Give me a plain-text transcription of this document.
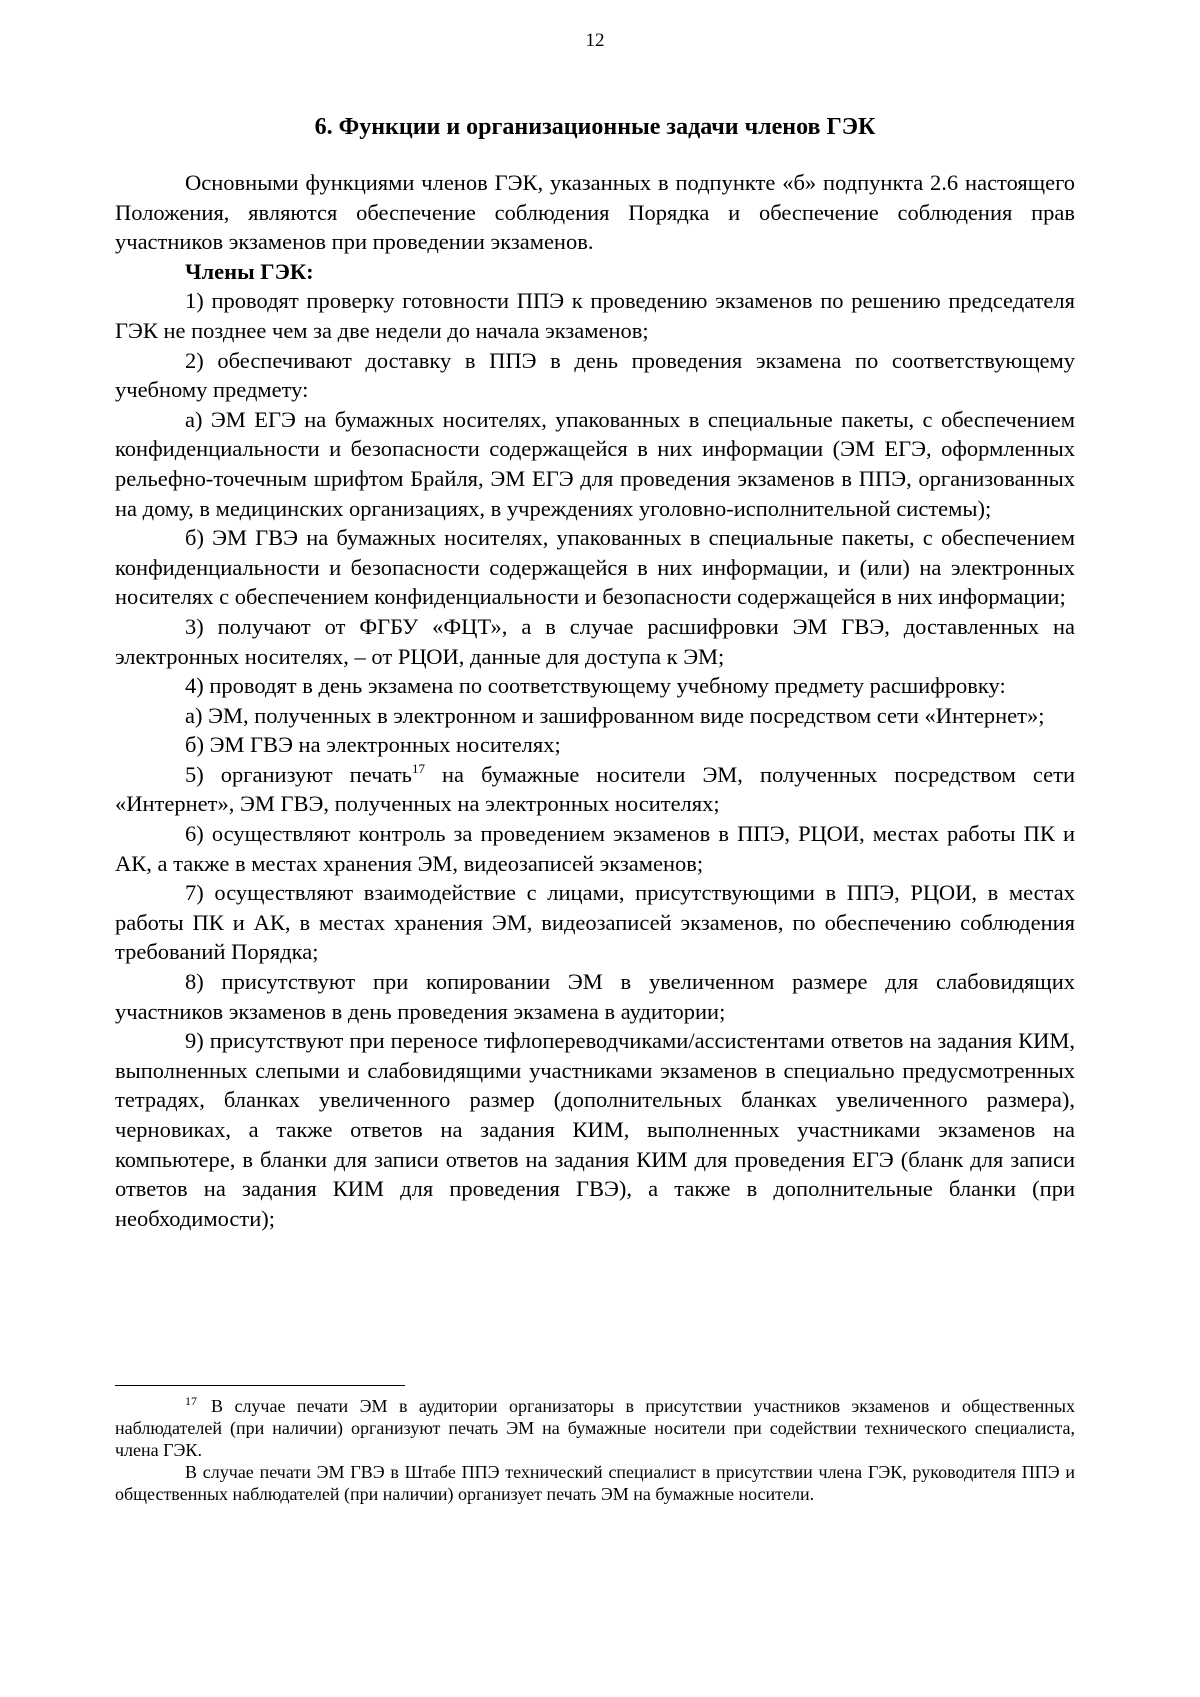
12
6. Функции и организационные задачи членов ГЭК

Основными функциями членов ГЭК, указанных в подпункте «б» подпункта 2.6 настоящего Положения, являются обеспечение соблюдения Порядка и обеспечение соблюдения прав участников экзаменов при проведении экзаменов.

Члены ГЭК:

1) проводят проверку готовности ППЭ к проведению экзаменов по решению председателя ГЭК не позднее чем за две недели до начала экзаменов;

2) обеспечивают доставку в ППЭ в день проведения экзамена по соответствующему учебному предмету:

а) ЭМ ЕГЭ на бумажных носителях, упакованных в специальные пакеты, с обеспечением конфиденциальности и безопасности содержащейся в них информации (ЭМ ЕГЭ, оформленных рельефно-точечным шрифтом Брайля, ЭМ ЕГЭ для проведения экзаменов в ППЭ, организованных на дому, в медицинских организациях, в учреждениях уголовно-исполнительной системы);

б) ЭМ ГВЭ на бумажных носителях, упакованных в специальные пакеты, с обеспечением конфиденциальности и безопасности содержащейся в них информации, и (или) на электронных носителях с обеспечением конфиденциальности и безопасности содержащейся в них информации;

3) получают от ФГБУ «ФЦТ», а в случае расшифровки ЭМ ГВЭ, доставленных на электронных носителях, – от РЦОИ, данные для доступа к ЭМ;

4) проводят в день экзамена по соответствующему учебному предмету расшифровку:

а) ЭМ, полученных в электронном и зашифрованном виде посредством сети «Интернет»;

б) ЭМ ГВЭ на электронных носителях;

5) организуют печать$^{17}$ на бумажные носители ЭМ, полученных посредством сети «Интернет», ЭМ ГВЭ, полученных на электронных носителях;

6) осуществляют контроль за проведением экзаменов в ППЭ, РЦОИ, местах работы ПК и АК, а также в местах хранения ЭМ, видеозаписей экзаменов;

7) осуществляют взаимодействие с лицами, присутствующими в ППЭ, РЦОИ, в местах работы ПК и АК, в местах хранения ЭМ, видеозаписей экзаменов, по обеспечению соблюдения требований Порядка;

8) присутствуют при копировании ЭМ в увеличенном размере для слабовидящих участников экзаменов в день проведения экзамена в аудитории;

9) присутствуют при переносе тифлопереводчиками/ассистентами ответов на задания КИМ, выполненных слепыми и слабовидящими участниками экзаменов в специально предусмотренных тетрадях, бланках увеличенного размер (дополнительных бланках увеличенного размера), черновиках, а также ответов на задания КИМ, выполненных участниками экзаменов на компьютере, в бланки для записи ответов на задания КИМ для проведения ЕГЭ (бланк для записи ответов на задания КИМ для проведения ГВЭ), а также в дополнительные бланки (при необходимости);

$^{17}$ В случае печати ЭМ в аудитории организаторы в присутствии участников экзаменов и общественных наблюдателей (при наличии) организуют печать ЭМ на бумажные носители при содействии технического специалиста, члена ГЭК.

В случае печати ЭМ ГВЭ в Штабе ППЭ технический специалист в присутствии члена ГЭК, руководителя ППЭ и общественных наблюдателей (при наличии) организует печать ЭМ на бумажные носители.
